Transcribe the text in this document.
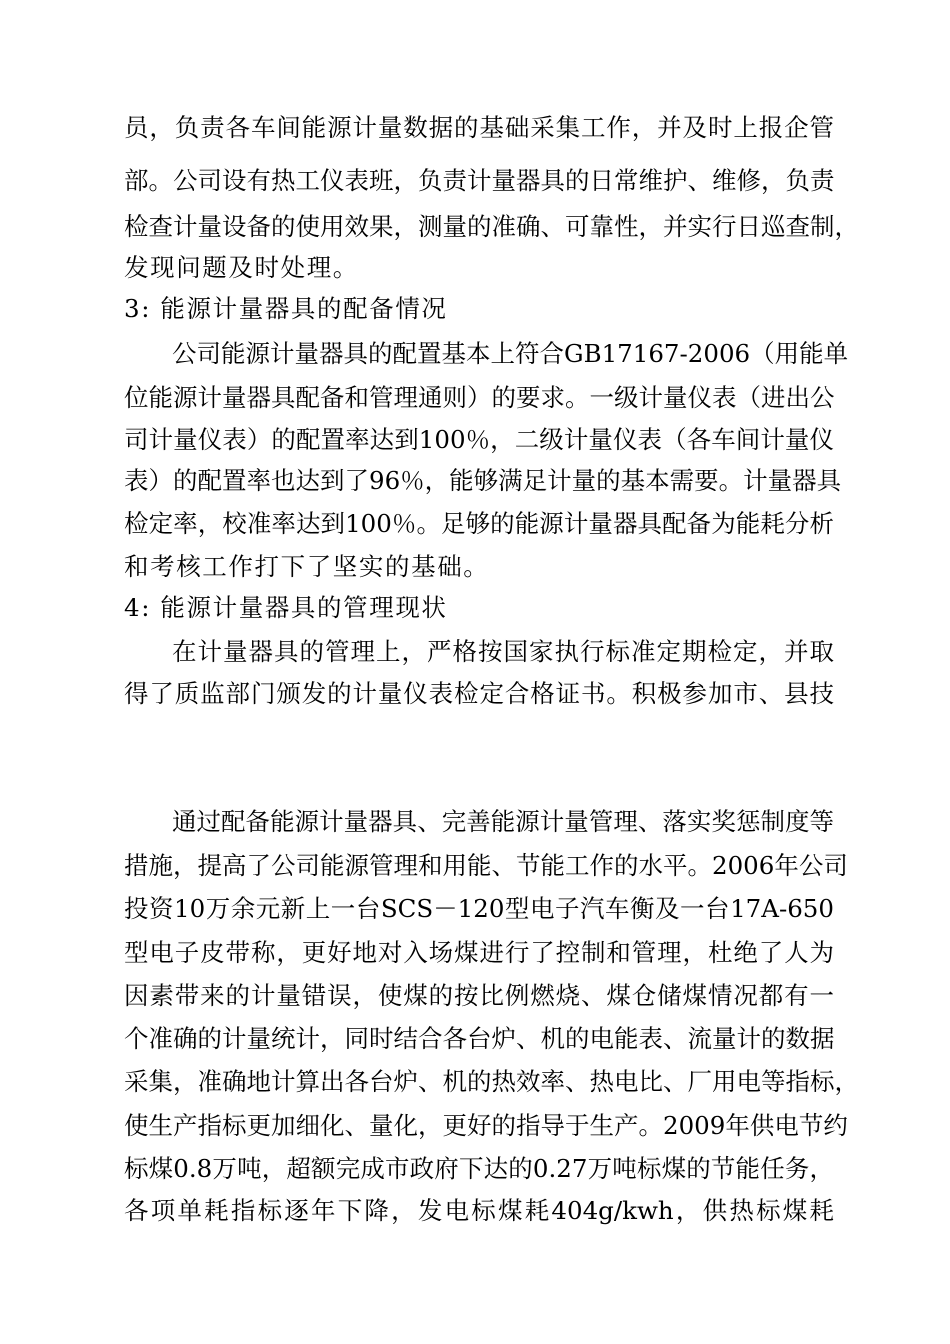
员，负责各车间能源计量数据的基础采集工作，并及时上报企管
部。公司设有热工仪表班，负责计量器具的日常维护、维修，负责
检查计量设备的使用效果，测量的准确、可靠性，并实行日巡查制，
发现问题及时处理。
3: 能源计量器具的配备情况
公司能源计量器具的配置基本上符合GB17167-2006（用能单
位能源计量器具配备和管理通则）的要求。一级计量仪表（进出公
司计量仪表）的配置率达到100％，二级计量仪表（各车间计量仪
表）的配置率也达到了96％，能够满足计量的基本需要。计量器具
检定率，校准率达到100％。足够的能源计量器具配备为能耗分析
和考核工作打下了坚实的基础。
4: 能源计量器具的管理现状
在计量器具的管理上，严格按国家执行标准定期检定，并取
得了质监部门颁发的计量仪表检定合格证书。积极参加市、县技
通过配备能源计量器具、完善能源计量管理、落实奖惩制度等
措施，提高了公司能源管理和用能、节能工作的水平。2006年公司
投资10万余元新上一台SCS－120型电子汽车衡及一台17A-650
型电子皮带称，更好地对入场煤进行了控制和管理，杜绝了人为
因素带来的计量错误，使煤的按比例燃烧、煤仓储煤情况都有一
个准确的计量统计，同时结合各台炉、机的电能表、流量计的数据
采集，准确地计算出各台炉、机的热效率、热电比、厂用电等指标，
使生产指标更加细化、量化，更好的指导于生产。2009年供电节约
标煤0.8万吨，超额完成市政府下达的0.27万吨标煤的节能任务，
各项单耗指标逐年下降，发电标煤耗404g/kwh，供热标煤耗
